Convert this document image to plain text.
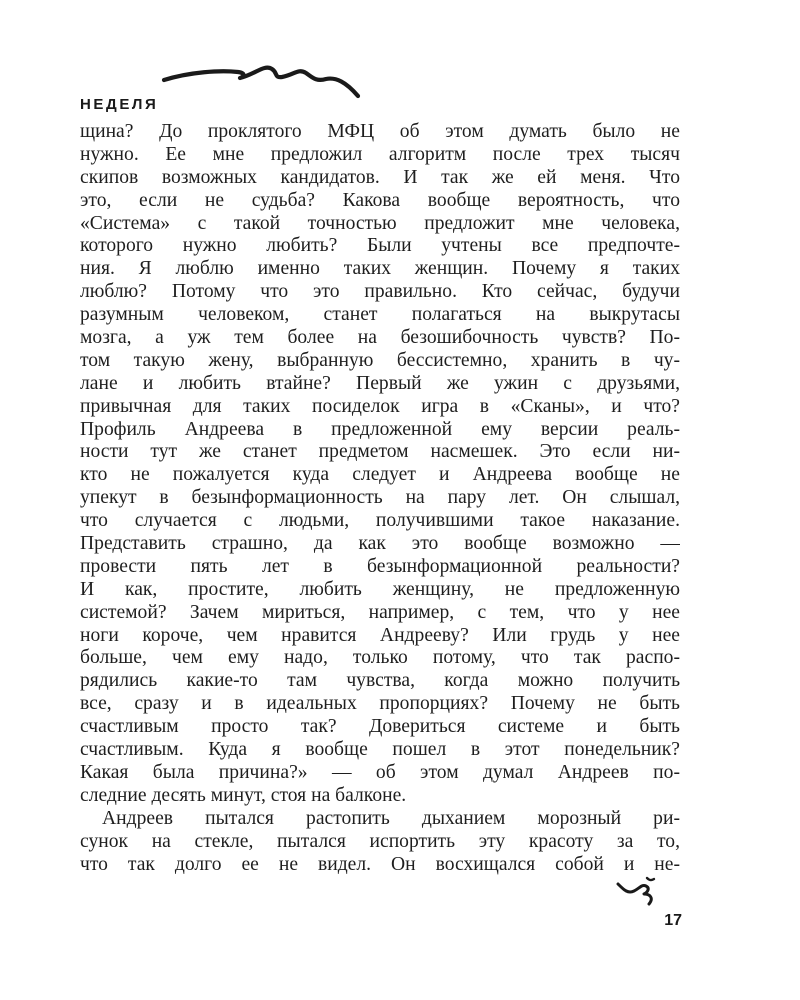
НЕДЕЛЯ
щина? До проклятого МФЦ об этом думать было не
нужно. Ее мне предложил алгоритм после трех тысяч
скипов возможных кандидатов. И так же ей меня. Что
это, если не судьба? Какова вообще вероятность, что
«Система» с такой точностью предложит мне человека,
которого нужно любить? Были учтены все предпочте-
ния. Я люблю именно таких женщин. Почему я таких
люблю? Потому что это правильно. Кто сейчас, будучи
разумным человеком, станет полагаться на выкрутасы
мозга, а уж тем более на безошибочность чувств? По-
том такую жену, выбранную бессистемно, хранить в чу-
лане и любить втайне? Первый же ужин с друзьями,
привычная для таких посиделок игра в «Сканы», и что?
Профиль Андреева в предложенной ему версии реаль-
ности тут же станет предметом насмешек. Это если ни-
кто не пожалуется куда следует и Андреева вообще не
упекут в безынформационность на пару лет. Он слышал,
что случается с людьми, получившими такое наказание.
Представить страшно, да как это вообще возможно —
провести пять лет в безынформационной реальности?
И как, простите, любить женщину, не предложенную
системой? Зачем мириться, например, с тем, что у нее
ноги короче, чем нравится Андрееву? Или грудь у нее
больше, чем ему надо, только потому, что так распо-
рядились какие-то там чувства, когда можно получить
все, сразу и в идеальных пропорциях? Почему не быть
счастливым просто так? Довериться системе и быть
счастливым. Куда я вообще пошел в этот понедельник?
Какая была причина?» — об этом думал Андреев по-
следние десять минут, стоя на балконе.
Андреев пытался растопить дыханием морозный ри-
сунок на стекле, пытался испортить эту красоту за то,
что так долго ее не видел. Он восхищался собой и не-
17
